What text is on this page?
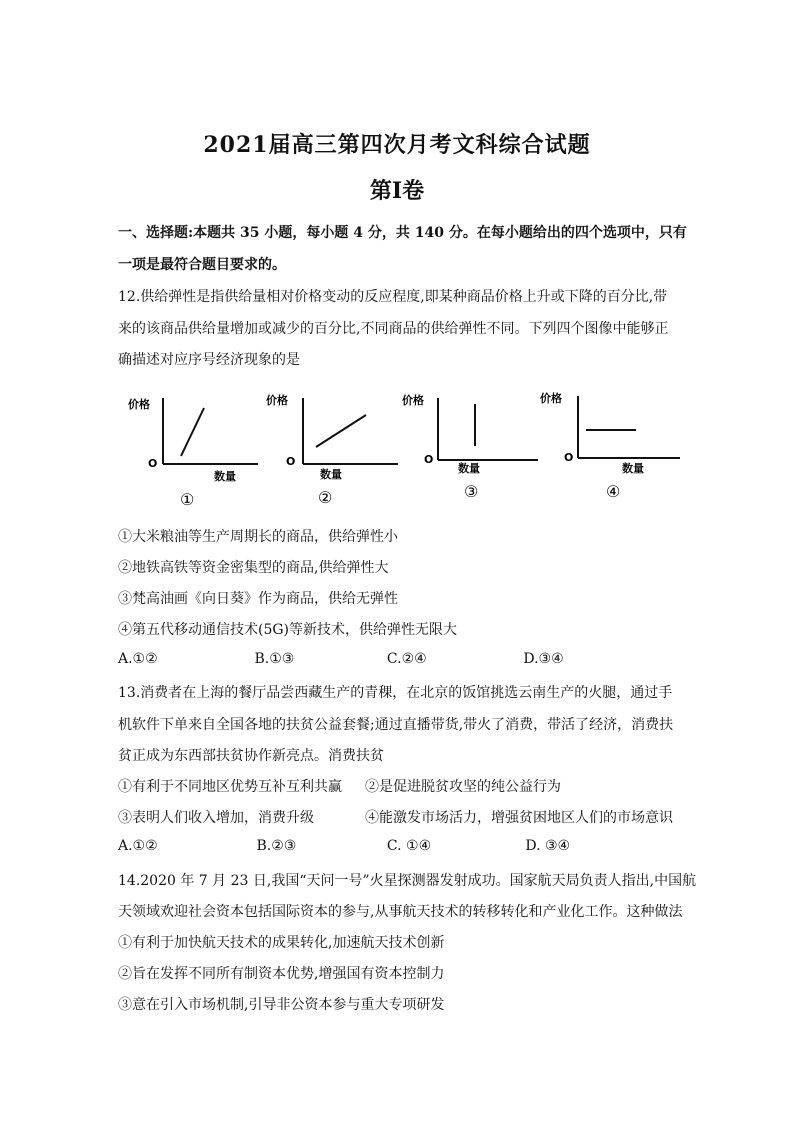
2021届高三第四次月考文科综合试题
第Ⅰ卷
一、选择题:本题共 35 小题，每小题 4 分，共 140 分。在每小题给出的四个选项中，只有
一项是最符合题目要求的。
12.供给弹性是指供给量相对价格变动的反应程度,即某种商品价格上升或下降的百分比,带
来的该商品供给量增加或减少的百分比,不同商品的供给弹性不同。下列四个图像中能够正
确描述对应序号经济现象的是
价格
O
数量
①
价格
O
数量
②
价格
O
数量
③
价格
O
数量
④
①大米粮油等生产周期长的商品，供给弹性小
②地铁高铁等资金密集型的商品,供给弹性大
③梵高油画《向日葵》作为商品，供给无弹性
④第五代移动通信技术(5G)等新技术，供给弹性无限大
A.①②	B.①③	C.②④	D.③④
13.消费者在上海的餐厅品尝西藏生产的青稞，在北京的饭馆挑选云南生产的火腿，通过手
机软件下单来自全国各地的扶贫公益套餐;通过直播带货,带火了消费，带活了经济，消费扶
贫正成为东西部扶贫协作新亮点。消费扶贫
①有利于不同地区优势互补互利共赢 ②是促进脱贫攻坚的纯公益行为
③表明人们收入增加，消费升级	④能激发市场活力，增强贫困地区人们的市场意识
A.①②	B.②③	C. ①④	D. ③④
14.2020 年 7 月 23 日,我国“天问一号”火星探测器发射成功。国家航天局负责人指出,中国航
天领域欢迎社会资本包括国际资本的参与,从事航天技术的转移转化和产业化工作。这种做法
①有利于加快航天技术的成果转化,加速航天技术创新
②旨在发挥不同所有制资本优势,增强国有资本控制力
③意在引入市场机制,引导非公资本参与重大专项研发
